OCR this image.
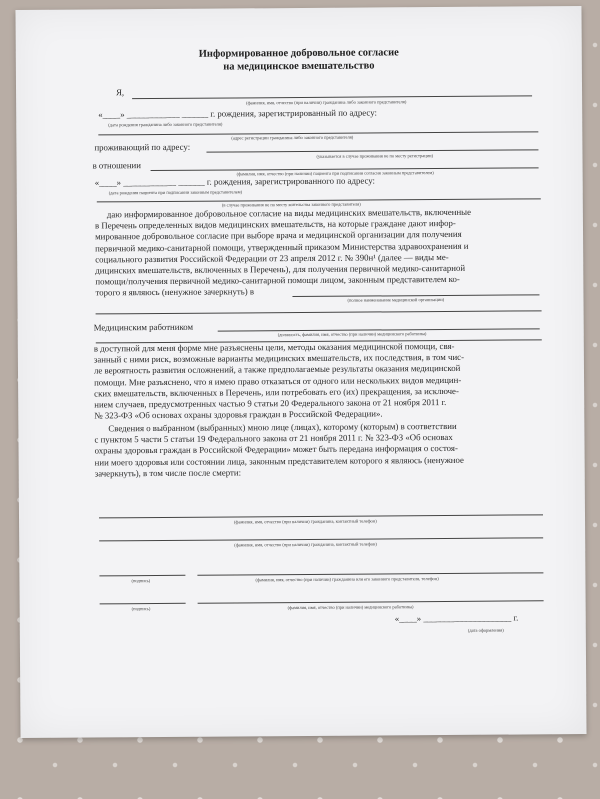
Информированное добровольное согласие
на медицинское вмешательство
Я,
(фамилия, имя, отчество (при наличии) гражданина либо законного представителя)
«____» ____________ ______ г. рождения, зарегистрированный по адресу:
(дата рождения гражданина либо законного представителя)
(адрес регистрации гражданина либо законного представителя)
проживающий по адресу:
(указывается в случае проживания не по месту регистрации)
в отношении
(фамилия, имя, отчество (при наличии) пациента при подписании согласия законным представителем)
«____» ____________ ______ г. рождения, зарегистрированного по адресу:
(дата рождения пациента при подписании законным представителем)
(в случае проживания не по месту жительства законного представителя)
даю информированное добровольное согласие на виды медицинских вмешательств, включенные
в Перечень определенных видов медицинских вмешательств, на которые граждане дают инфор-
мированное добровольное согласие при выборе врача и медицинской организации для получения
первичной медико-санитарной помощи, утвержденный приказом Министерства здравоохранения и
социального развития Российской Федерации от 23 апреля 2012 г. № 390н¹ (далее — виды ме-
дицинских вмешательств, включенных в Перечень), для получения первичной медико-санитарной
помощи/получения первичной медико-санитарной помощи лицом, законным представителем ко-
торого я являюсь (ненужное зачеркнуть) в
(полное наименование медицинской организации)
Медицинским работником
(должность, фамилия, имя, отчество (при наличии) медицинского работника)
в доступной для меня форме мне разъяснены цели, методы оказания медицинской помощи, свя-
занный с ними риск, возможные варианты медицинских вмешательств, их последствия, в том чис-
ле вероятность развития осложнений, а также предполагаемые результаты оказания медицинской
помощи. Мне разъяснено, что я имею право отказаться от одного или нескольких видов медицин-
ских вмешательств, включенных в Перечень, или потребовать его (их) прекращения, за исключе-
нием случаев, предусмотренных частью 9 статьи 20 Федерального закона от 21 ноября 2011 г.
№ 323-ФЗ «Об основах охраны здоровья граждан в Российской Федерации».
Сведения о выбранном (выбранных) мною лице (лицах), которому (которым) в соответствии
с пунктом 5 части 5 статьи 19 Федерального закона от 21 ноября 2011 г. № 323-ФЗ «Об основах
охраны здоровья граждан в Российской Федерации» может быть передана информация о состоя-
нии моего здоровья или состоянии лица, законным представителем которого я являюсь (ненужное
зачеркнуть), в том числе после смерти:
(фамилия, имя, отчество (при наличии) гражданина, контактный телефон)
(фамилия, имя, отчество (при наличии) гражданина, контактный телефон)
(подпись)	(фамилия, имя, отчество (при наличии) гражданина или его законного представителя, телефон)
(подпись)	(фамилия, имя, отчество (при наличии) медицинского работника)
«____» ____________________ г.
(дата оформления)
